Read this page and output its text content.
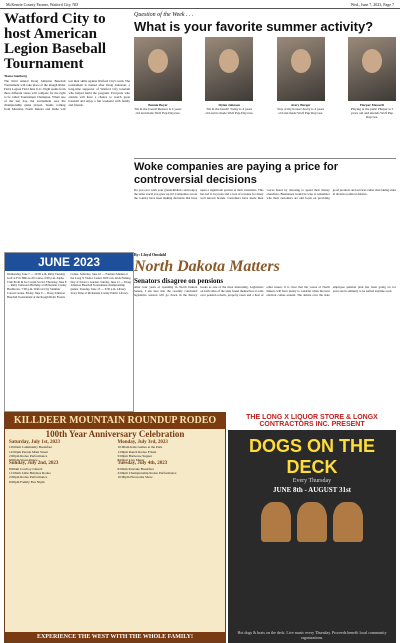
McKenzie County Farmer, Watford City, ND	Wed., June 7, 2023, Page 7
Watford City to host American Legion Baseball Tournament
Tiana Stenberg
The third annual Doug Johnston Baseball Tournament will take place at the Rough Rider Field, Legion Field June 9-11. Eight teams from three different states will compete for the right to be called Tournament Champion. When one of the last day, the tournament sees the championship game played. Teams coming from Montana, North Dakota and Idaho will test their skills against Watford City's team. The tournament is named after Doug Johnston, a long-time supporter of Watford City baseball who helped build the program. Everyone who attends will have a chance to watch great baseball and enjoy a fun weekend with family and friends.
Question of the Week . . .
What is your favorite summer activity?
Bennie Boyer
I'm in the board! Reason is 4 years old and made Wolf Pup Daycare.
Dylan Johnson
I'm in the beach! Today is 4 years old and is made Wolf Pup Daycare.
Avery Burger
Stay at my house! Avery is 4 years old and made Wolf Pup Daycare.
Harper Messerli
Playing at the park! Harper is 5 years old and attends Wolf Pup Daycare.
Woke companies are paying a price for controversial decisions
Do you ever wish your grandchildren could enjoy the same world you grew up in? Companies across the country have been making decisions that have upset a significant portion of their customers. This has led to boycotts and a loss of revenue for many well known brands. Customers have made their voices heard by choosing to spend their money elsewhere. Businesses would be wise to remember who their customers are and focus on providing good products and services rather than taking sides in divisive political debates.
JUNE 2023
Wednesday, June 7 — 10:00 a.m. Ruby Tuesday Golf at Fox Hills Golf Course. 6:00 p.m. Alpha Club Prom & Ice Cream Social. Thursday, June 8 — Ruby Johnson's Birthday at McKenzie County Healthcare. 7:00 p.m. Watford City Summer Concert series. Friday, June 9 — Doug Johnston Baseball Tournament at the Rough Rider Events Center. Saturday, June 10 — Farmers Market at the Long X Visitor Center. 8:00 a.m. Kids Fishing Day at Tobacco Garden. Sunday, June 11 — Doug Johnston Baseball Tournament championship games. Tuesday, June 13 — 6:30 p.m. Library Story Time at McKenzie County Public Library.
By: Lloyd Omdahl
North Dakota Matters
Senators disagree on pensions
After four years of spending in North Dakota Senate, I am sure that the recently concluded legislative session will go down in the history books as one of the most interesting. Legislators on both sides of the aisle found themselves at odds over pension reform, property taxes and a host of other issues. It is clear that the voters of North Dakota will have plenty to consider when the next election comes around. The debate over the state employee pension plan has been going on for years and is unlikely to be settled anytime soon.
KILLDEER MOUNTAIN ROUNDUP RODEO
100th Year Anniversary Celebration
Saturday, July 1st, 2023
10:00am Community Breakfast
12:00pm Parade Main Street
2:00pm Rodeo Performance
9:00pm Street Dance
Sunday, July 2nd, 2023
8:00am Cowboy Church
11:00am Little Britches Rodeo
2:00pm Rodeo Performance
6:00pm Family Fun Night
Monday, July 3rd, 2023
10:00am Kids Games at the Park
1:00pm Ranch Rodeo Finals
5:00pm Barbecue Supper
8:00pm Live Music
Tuesday, July 4th, 2023
9:00am Pancake Breakfast
2:00pm Championship Rodeo Performance
10:00pm Fireworks Show
EXPERIENCE THE WEST WITH THE WHOLE FAMILY!
THE LONG X LIQUOR STORE & LONGX CONTRACTORS INC. PRESENT
DOGS ON THE DECK
Every Thursday
JUNE 8th - AUGUST 31st
Hot dogs & brats on the deck. Live music every Thursday. Proceeds benefit local community organizations.
